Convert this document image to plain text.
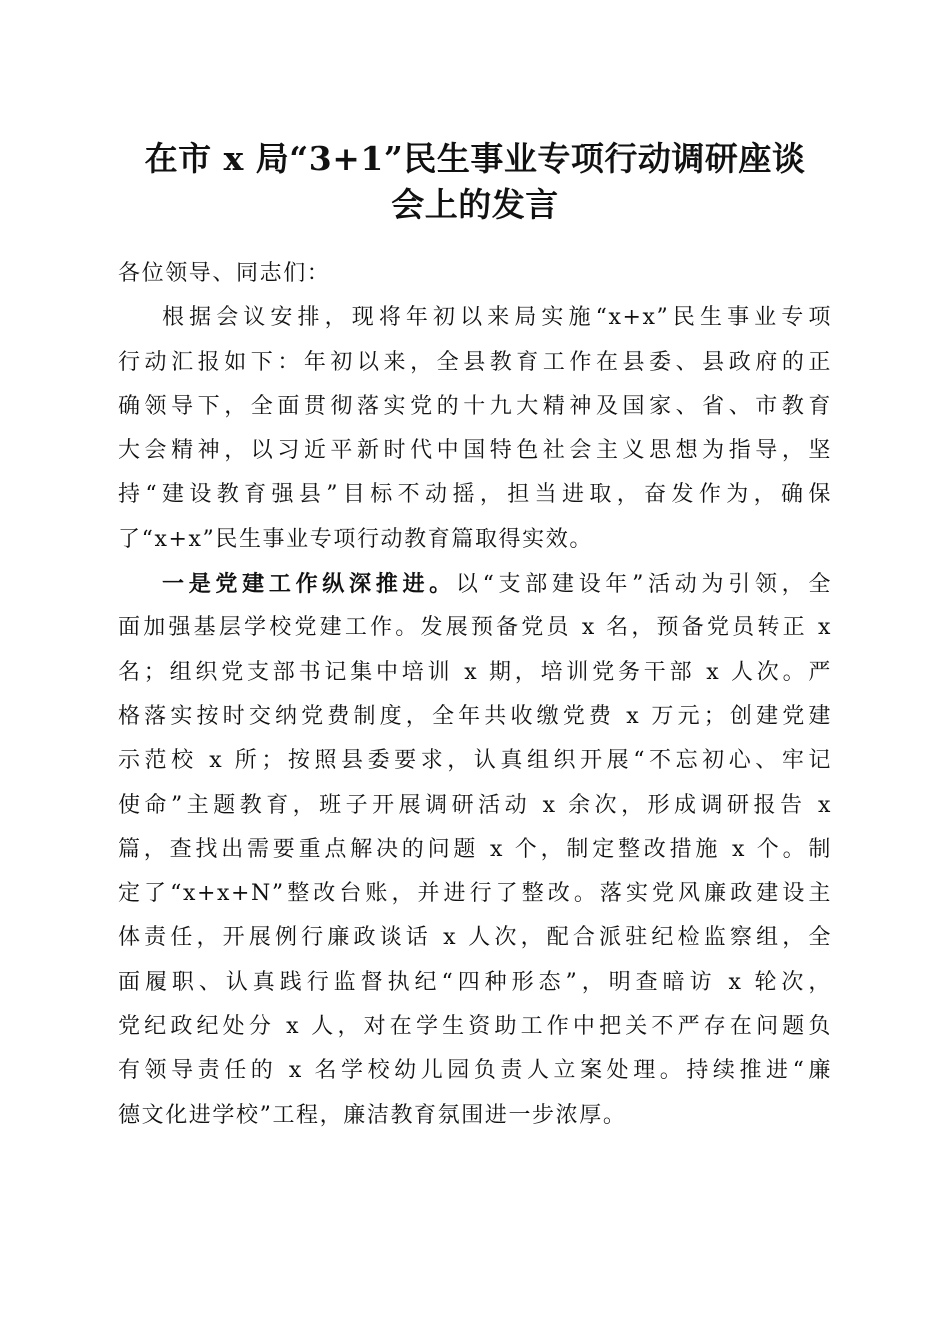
在市 x 局“3+1”民生事业专项行动调研座谈
会上的发言
各位领导、同志们：
根据会议安排，现将年初以来局实施“x+x”民生事业专项
行动汇报如下：年初以来，全县教育工作在县委、县政府的正
确领导下，全面贯彻落实党的十九大精神及国家、省、市教育
大会精神，以习近平新时代中国特色社会主义思想为指导，坚
持“建设教育强县”目标不动摇，担当进取，奋发作为，确保
了“x+x”民生事业专项行动教育篇取得实效。
一是党建工作纵深推进。以“支部建设年”活动为引领，全
面加强基层学校党建工作。发展预备党员 x 名，预备党员转正 x
名；组织党支部书记集中培训 x 期，培训党务干部 x 人次。严
格落实按时交纳党费制度，全年共收缴党费 x 万元；创建党建
示范校 x 所；按照县委要求，认真组织开展“不忘初心、牢记
使命”主题教育，班子开展调研活动 x 余次，形成调研报告 x
篇，查找出需要重点解决的问题 x 个，制定整改措施 x 个。制
定了“x+x+N”整改台账，并进行了整改。落实党风廉政建设主
体责任，开展例行廉政谈话 x 人次，配合派驻纪检监察组，全
面履职、认真践行监督执纪“四种形态”，明查暗访 x 轮次，
党纪政纪处分 x 人，对在学生资助工作中把关不严存在问题负
有领导责任的 x 名学校幼儿园负责人立案处理。持续推进“廉
德文化进学校”工程，廉洁教育氛围进一步浓厚。
